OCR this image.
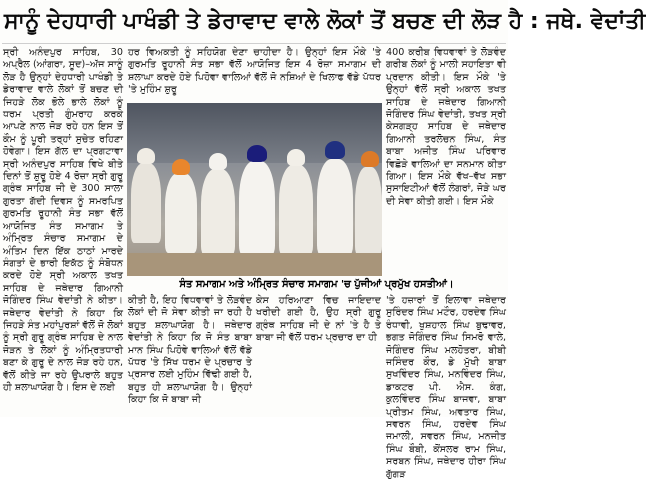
ਸਾਨੂੰ ਦੇਹਧਾਰੀ ਪਾਖੰਡੀ ਤੇ ਡੇਰਾਵਾਦ ਵਾਲੇ ਲੋਕਾਂ ਤੋਂ ਬਚਣ ਦੀ ਲੋੜ ਹੈ : ਜਥੇ. ਵੇਦਾਂਤੀ

ਸ੍ਰੀ ਅਨੰਦਪੁਰ ਸਾਹਿਬ, 30 ਅਪ੍ਰੈਲ (ਆਂਗਰਾ, ਸੂਦ)–ਅੱਜ ਸਾਨੂੰ ਲੋੜ ਹੈ ਉਨ੍ਹਾਂ ਦੇਹਧਾਰੀ ਪਾਖੰਡੀ ਤੇ ਡੇਰਾਵਾਦ ਵਾਲੇ ਲੋਕਾਂ ਤੋਂ ਬਚਣ ਦੀ ਜਿਹੜੇ ਲੋਕ ਭੋਲੇ ਭਾਲੇ ਲੋਕਾਂ ਨੂੰ ਧਰਮ ਪ੍ਰਤੀ ਗੁੰਮਰਾਹ ਕਰਕੇ ਆਪਣੇ ਨਾਲ ਜੋੜ ਰਹੇ ਹਨ ਇਸ ਤੋਂ ਕੌਮ ਨੂੰ ਪੂਰੀ ਤਰ੍ਹਾਂ ਸੁਚੇਤ ਰਹਿਣਾ ਹੋਵੇਗਾ। ਇਸ ਗੱਲ ਦਾ ਪ੍ਰਗਟਾਵਾ ਸ੍ਰੀ ਅਨੰਦਪੁਰ ਸਾਹਿਬ ਵਿਖੇ ਬੀਤੇ ਦਿਨਾਂ ਤੋਂ ਸ਼ੁਰੂ ਹੋਏ 4 ਰੋਜ਼ਾ ਸ੍ਰੀ ਗੁਰੂ ਗ੍ਰੰਥ ਸਾਹਿਬ ਜੀ ਦੇ 300 ਸਾਲਾ ਗੁਰਤਾ ਗੱਦੀ ਦਿਵਸ ਨੂੰ ਸਮਰਪਿਤ ਗੁਰਮਤਿ ਰੂਹਾਨੀ ਸੰਤ ਸਭਾ ਵੱਲੋਂ ਆਯੋਜਿਤ ਸੰਤ ਸਮਾਗਮ ਤੇ ਅੰਮ੍ਰਿਤ ਸੰਚਾਰ ਸਮਾਗਮ ਦੇ ਅੰਤਿਮ ਦਿਨ ਇੱਕ ਠਾਠਾਂ ਮਾਰਦੇ ਸੰਗਤਾਂ ਦੇ ਭਾਰੀ ਇਕੱਠ ਨੂੰ ਸੰਬੋਧਨ ਕਰਦੇ ਹੋਏ ਸ੍ਰੀ ਅਕਾਲ ਤਖਤ ਸਾਹਿਬ ਦੇ ਜਥੇਦਾਰ ਗਿਆਨੀ ਜੋਗਿੰਦਰ ਸਿੰਘ ਵੇਦਾਂਤੀ ਨੇ ਕੀਤਾ। ਜਥੇਦਾਰ ਵੇਦਾਂਤੀ ਨੇ ਕਿਹਾ ਕਿ ਜਿਹੜੇ ਸੰਤ ਮਹਾਂਪੁਰਸ਼ਾਂ ਵੱਲੋਂ ਜੋ ਲੋਕਾਂ ਨੂੰ ਸ੍ਰੀ ਗੁਰੂ ਗ੍ਰੰਥ ਸਾਹਿਬ ਦੇ ਨਾਲ ਜੋੜਨ ਤੇ ਲੋਕਾਂ ਨੂੰ ਅੰਮ੍ਰਿਤਧਾਰੀ ਬਣਾ ਕੇ ਗੁਰੂ ਦੇ ਨਾਲ ਜੋੜ ਰਹੇ ਹਨ, ਵੱਲੋਂ ਕੀਤੇ ਜਾ ਰਹੇ ਉਪਰਾਲੇ ਬਹੁਤ ਹੀ ਸ਼ਲਾਘਾਯੋਗ ਹੈ। ਇਸ ਦੇ ਲਈ

ਹਰ ਵਿਅਕਤੀ ਨੂੰ ਸਹਿਯੋਗ ਦੇਣਾ ਚਾਹੀਦਾ ਹੈ। ਉਨ੍ਹਾਂ ਇਸ ਮੌਕੇ 'ਤੇ ਗੁਰਮਤਿ ਰੂਹਾਨੀ ਸੰਤ ਸਭਾ ਵੱਲੋਂ ਆਯੋਜਿਤ ਇਸ 4 ਰੋਜ਼ਾ ਸਮਾਗਮ ਦੀ ਸ਼ਲਾਘਾ ਕਰਦੇ ਹੋਏ ਪਿਹੋਵਾ ਵਾਲਿਆਂ ਵੱਲੋਂ ਜੋ ਨਸ਼ਿਆਂ ਦੇ ਖਿਲਾਫ ਵੱਡੇ ਪੱਧਰ 'ਤੇ ਮੁਹਿੰਮ ਸ਼ੁਰੂ

400 ਕਰੀਬ ਵਿਧਵਾਵਾਂ ਤੇ ਲੋੜਵੰਦ ਗਰੀਬ ਲੋਕਾਂ ਨੂੰ ਮਾਲੀ ਸਹਾਇਤਾ ਵੀ ਪ੍ਰਦਾਨ ਕੀਤੀ। ਇਸ ਮੌਕੇ 'ਤੇ ਉਨ੍ਹਾਂ ਵੱਲੋਂ ਸ੍ਰੀ ਅਕਾਲ ਤਖਤ ਸਾਹਿਬ ਦੇ ਜਥੇਦਾਰ ਗਿਆਨੀ ਜੋਗਿੰਦਰ ਸਿੰਘ ਵੇਦਾਂਤੀ, ਤਖਤ ਸ੍ਰੀ ਕੇਸਗੜ੍ਹ ਸਾਹਿਬ ਦੇ ਜਥੇਦਾਰ ਗਿਆਨੀ ਤਰਲੋਚਨ ਸਿੰਘ, ਸੰਤ ਬਾਬਾ ਅਜੀਤ ਸਿੰਘ ਪਰਿਵਾਰ ਵਿਛੋੜੇ ਵਾਲਿਆਂ ਦਾ ਸਨਮਾਨ ਕੀਤਾ ਗਿਆ। ਇਸ ਮੌਕੇ ਵੱਖ–ਵੱਖ ਸਭਾ ਸੁਸਾਇਟੀਆਂ ਵੱਲੋਂ ਲੰਗਰਾਂ, ਜੋੜੇ ਘਰ ਦੀ ਸੇਵਾ ਕੀਤੀ ਗਈ। ਇਸ ਮੌਕੇ

ਸੰਤ ਸਮਾਗਮ ਅਤੇ ਅੰਮ੍ਰਿਤ ਸੰਚਾਰ ਸਮਾਗਮ 'ਚ ਪੁੱਜੀਆਂ ਪ੍ਰਮੁੱਖ ਹਸਤੀਆਂ।

ਕੀਤੀ ਹੈ, ਇਹ ਵਿਧਵਾਵਾਂ ਤੇ ਲੋੜਵੰਦ ਲੋਕਾਂ ਦੀ ਜੋ ਸੇਵਾ ਕੀਤੀ ਜਾ ਰਹੀ ਹੈ ਬਹੁਤ ਸ਼ਲਾਘਾਯੋਗ ਹੈ। ਜਥੇਦਾਰ ਵੇਦਾਂਤੀ ਨੇ ਕਿਹਾ ਕਿ ਜੋ ਸੰਤ ਬਾਬਾ ਮਾਨ ਸਿੰਘ ਪਿਹੋਵੇ ਵਾਲਿਆਂ ਵੱਲੋਂ ਵੱਡੇ ਪੱਧਰ 'ਤੇ ਸਿੱਖ ਧਰਮ ਦੇ ਪ੍ਰਚਾਰ ਤੇ ਪ੍ਰਸਾਰ ਲਈ ਮੁਹਿੰਮ ਵਿੱਢੀ ਗਈ ਹੈ, ਬਹੁਤ ਹੀ ਸ਼ਲਾਘਾਯੋਗ ਹੈ। ਉਨ੍ਹਾਂ ਕਿਹਾ ਕਿ ਜੋ ਬਾਬਾ ਜੀ

ਕੇਸ ਹਰਿਆਣਾ ਵਿਚ ਜਾਇਦਾਦ ਖਰੀਦੀ ਗਈ ਹੈ, ਉਹ ਸ੍ਰੀ ਗੁਰੂ ਗ੍ਰੰਥ ਸਾਹਿਬ ਜੀ ਦੇ ਨਾਂ 'ਤੇ ਹੈ ਤੇ ਬਾਬਾ ਜੀ ਵੱਲੋਂ ਧਰਮ ਪ੍ਰਚਾਰ ਦਾ ਹੀ

'ਤੇ ਹਜ਼ਾਰਾਂ ਤੋਂ ਇਲਾਵਾ ਜਥੇਦਾਰ ਸੁਰਿੰਦਰ ਸਿੰਘ ਮਟੌਰ, ਹਰਦੇਵ ਸਿੰਘ ਰੰਧਾਵੀ, ਖੁਸ਼ਹਾਲ ਸਿੰਘ ਬੁਢਾਵਰ, ਭਗਤ ਜੋਗਿੰਦਰ ਸਿੰਘ ਸਿਮਰੋ ਵਾਲੇ, ਜੋਗਿੰਦਰ ਸਿੰਘ ਮਲਹੋਤਰਾ, ਬੀਬੀ ਜਸਿੰਦਰ ਕੌਰ, ਡੇ ਮੁੱਖੀ ਬਾਬਾ ਸੁਖਵਿੰਦਰ ਸਿੰਘ, ਮਨਵਿੰਦਰ ਸਿੰਘ, ਡਾਕਟਰ ਪੀ. ਐਸ. ਕੰਗ, ਕੁਲਵਿੰਦਰ ਸਿੰਘ ਬਾਜਵਾ, ਬਾਬਾ ਪ੍ਰੀਤਮ ਸਿੰਘ, ਅਵਤਾਰ ਸਿੰਘ, ਸਵਰਨ ਸਿੰਘ, ਹਰਦੇਵ ਸਿੰਘ ਜਮਾਲੀ, ਸਵਰਨ ਸਿੰਘ, ਮਨਜੀਤ ਸਿੰਘ ਬੌਬੀ, ਕੋਂਸਲਰ ਰਾਮ ਸਿੰਘ, ਸਰਬਨ ਸਿੰਘ, ਜਥੇਦਾਰ ਹੀਰਾ ਸਿੰਘ ਗੁੱਗੜ
